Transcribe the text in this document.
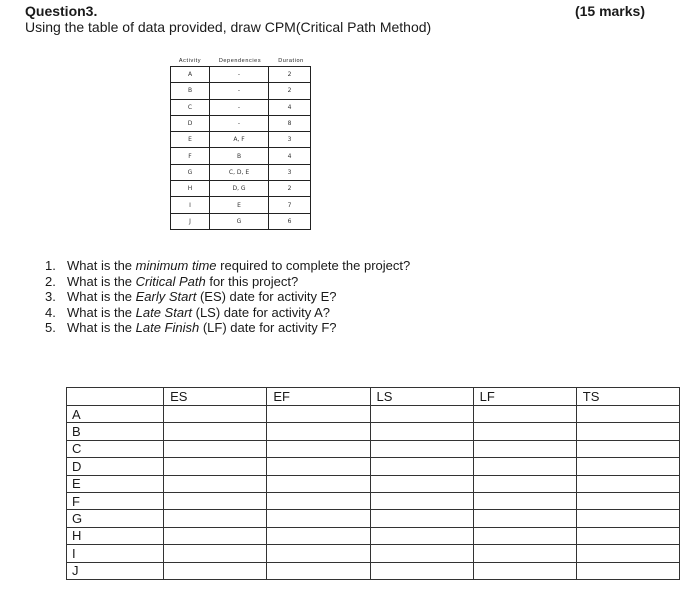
Question3.	(15 marks)
Using the table of data provided, draw CPM(Critical Path Method)
Activity	Dependencies	Duration
A	-	2
B	-	2
C	-	4
D	-	8
E	A, F	3
F	B	4
G	C, D, E	3
H	D, G	2
I	E	7
J	G	6
1. What is the minimum time required to complete the project?
2. What is the Critical Path for this project?
3. What is the Early Start (ES) date for activity E?
4. What is the Late Start (LS) date for activity A?
5. What is the Late Finish (LF) date for activity F?
	ES	EF	LS	LF	TS
A					
B					
C					
D					
E					
F					
G					
H					
I					
J					
